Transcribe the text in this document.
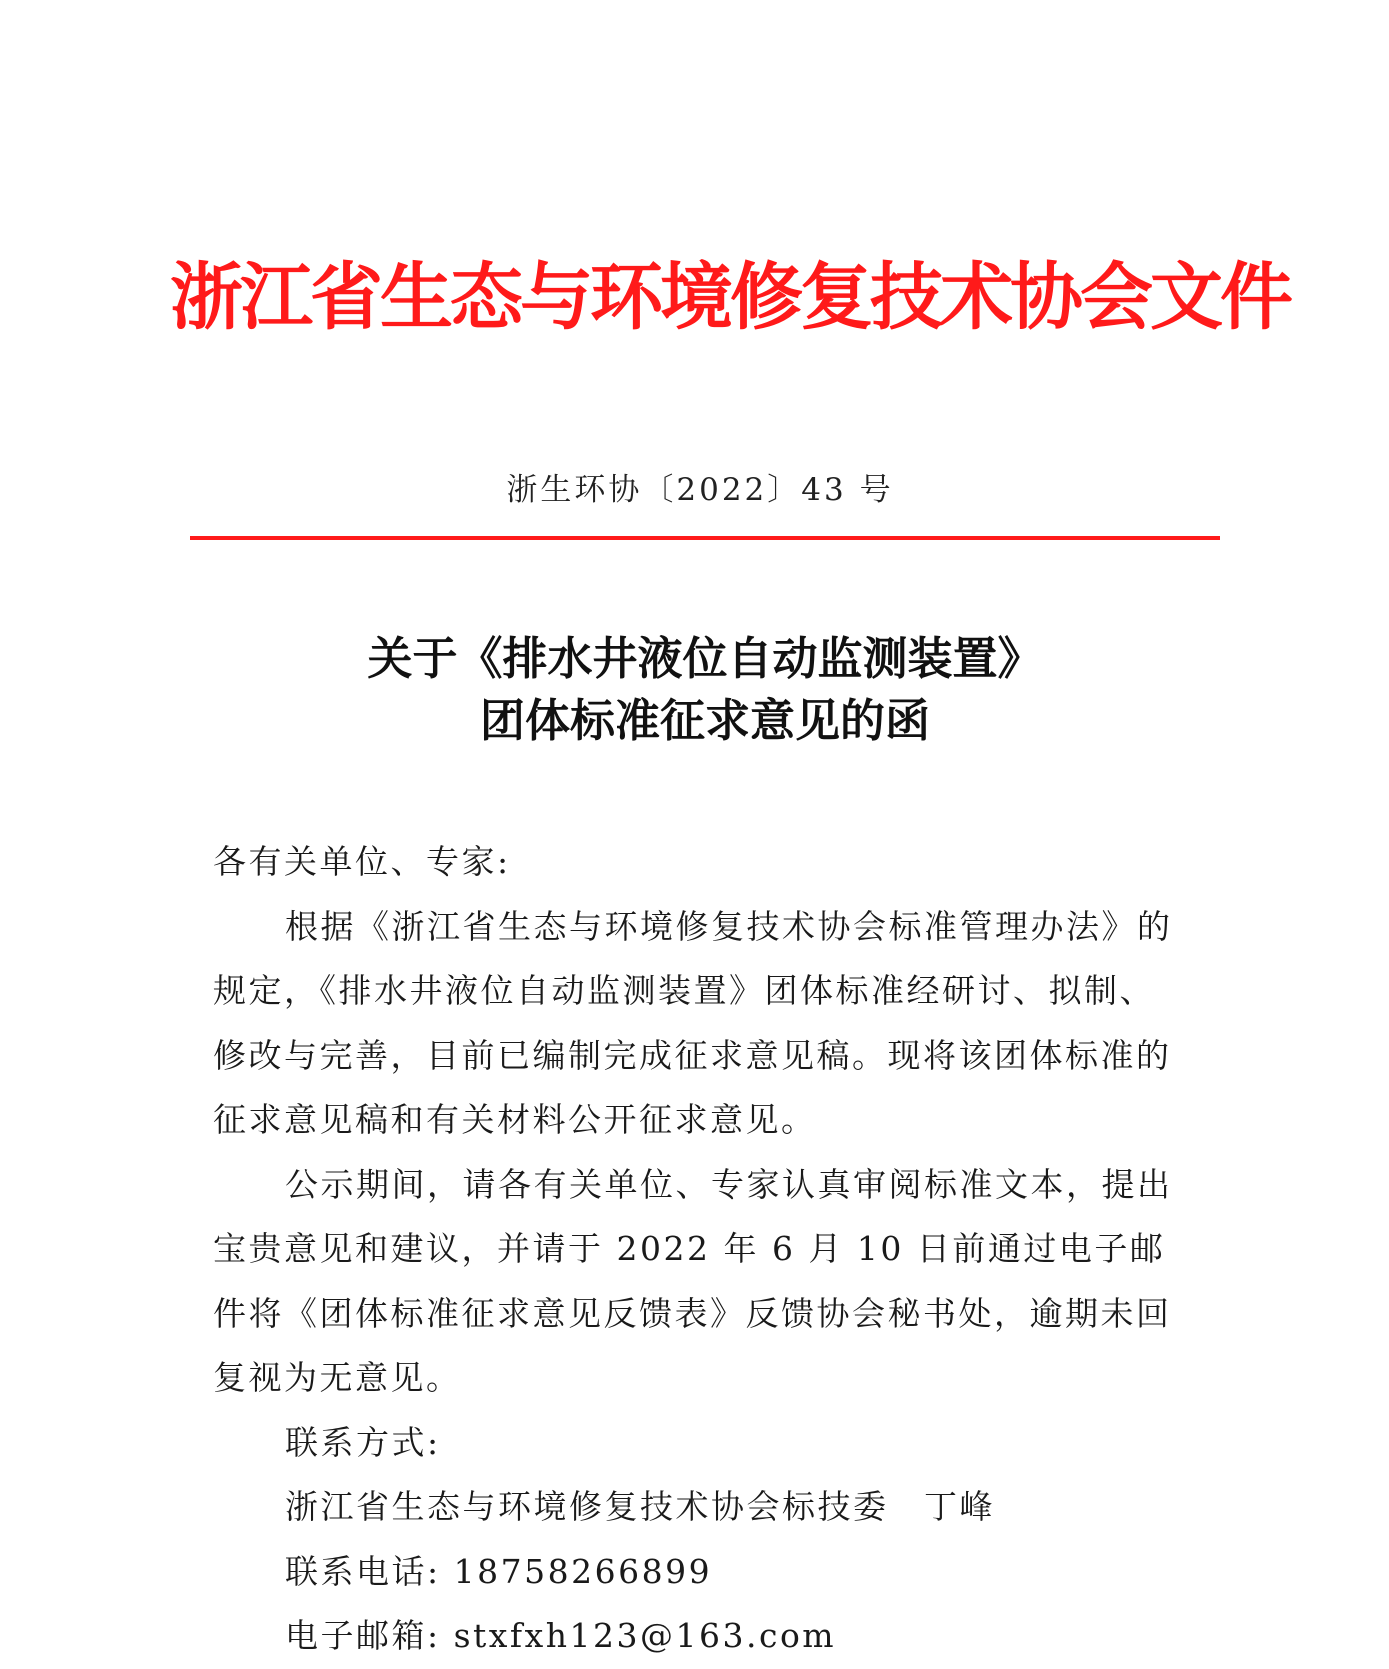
浙江省生态与环境修复技术协会文件
浙生环协〔2022〕43 号
关于《排水井液位自动监测装置》
团体标准征求意见的函

各有关单位、专家:

根据《浙江省生态与环境修复技术协会标准管理办法》的规定，《排水井液位自动监测装置》团体标准经研讨、拟制、修改与完善，目前已编制完成征求意见稿。现将该团体标准的征求意见稿和有关材料公开征求意见。

公示期间，请各有关单位、专家认真审阅标准文本，提出宝贵意见和建议，并请于 2022 年 6 月 10 日前通过电子邮件将《团体标准征求意见反馈表》反馈协会秘书处，逾期未回复视为无意见。

联系方式:

浙江省生态与环境修复技术协会标技委　丁峰

联系电话: 18758266899

电子邮箱: stxfxh123@163.com
